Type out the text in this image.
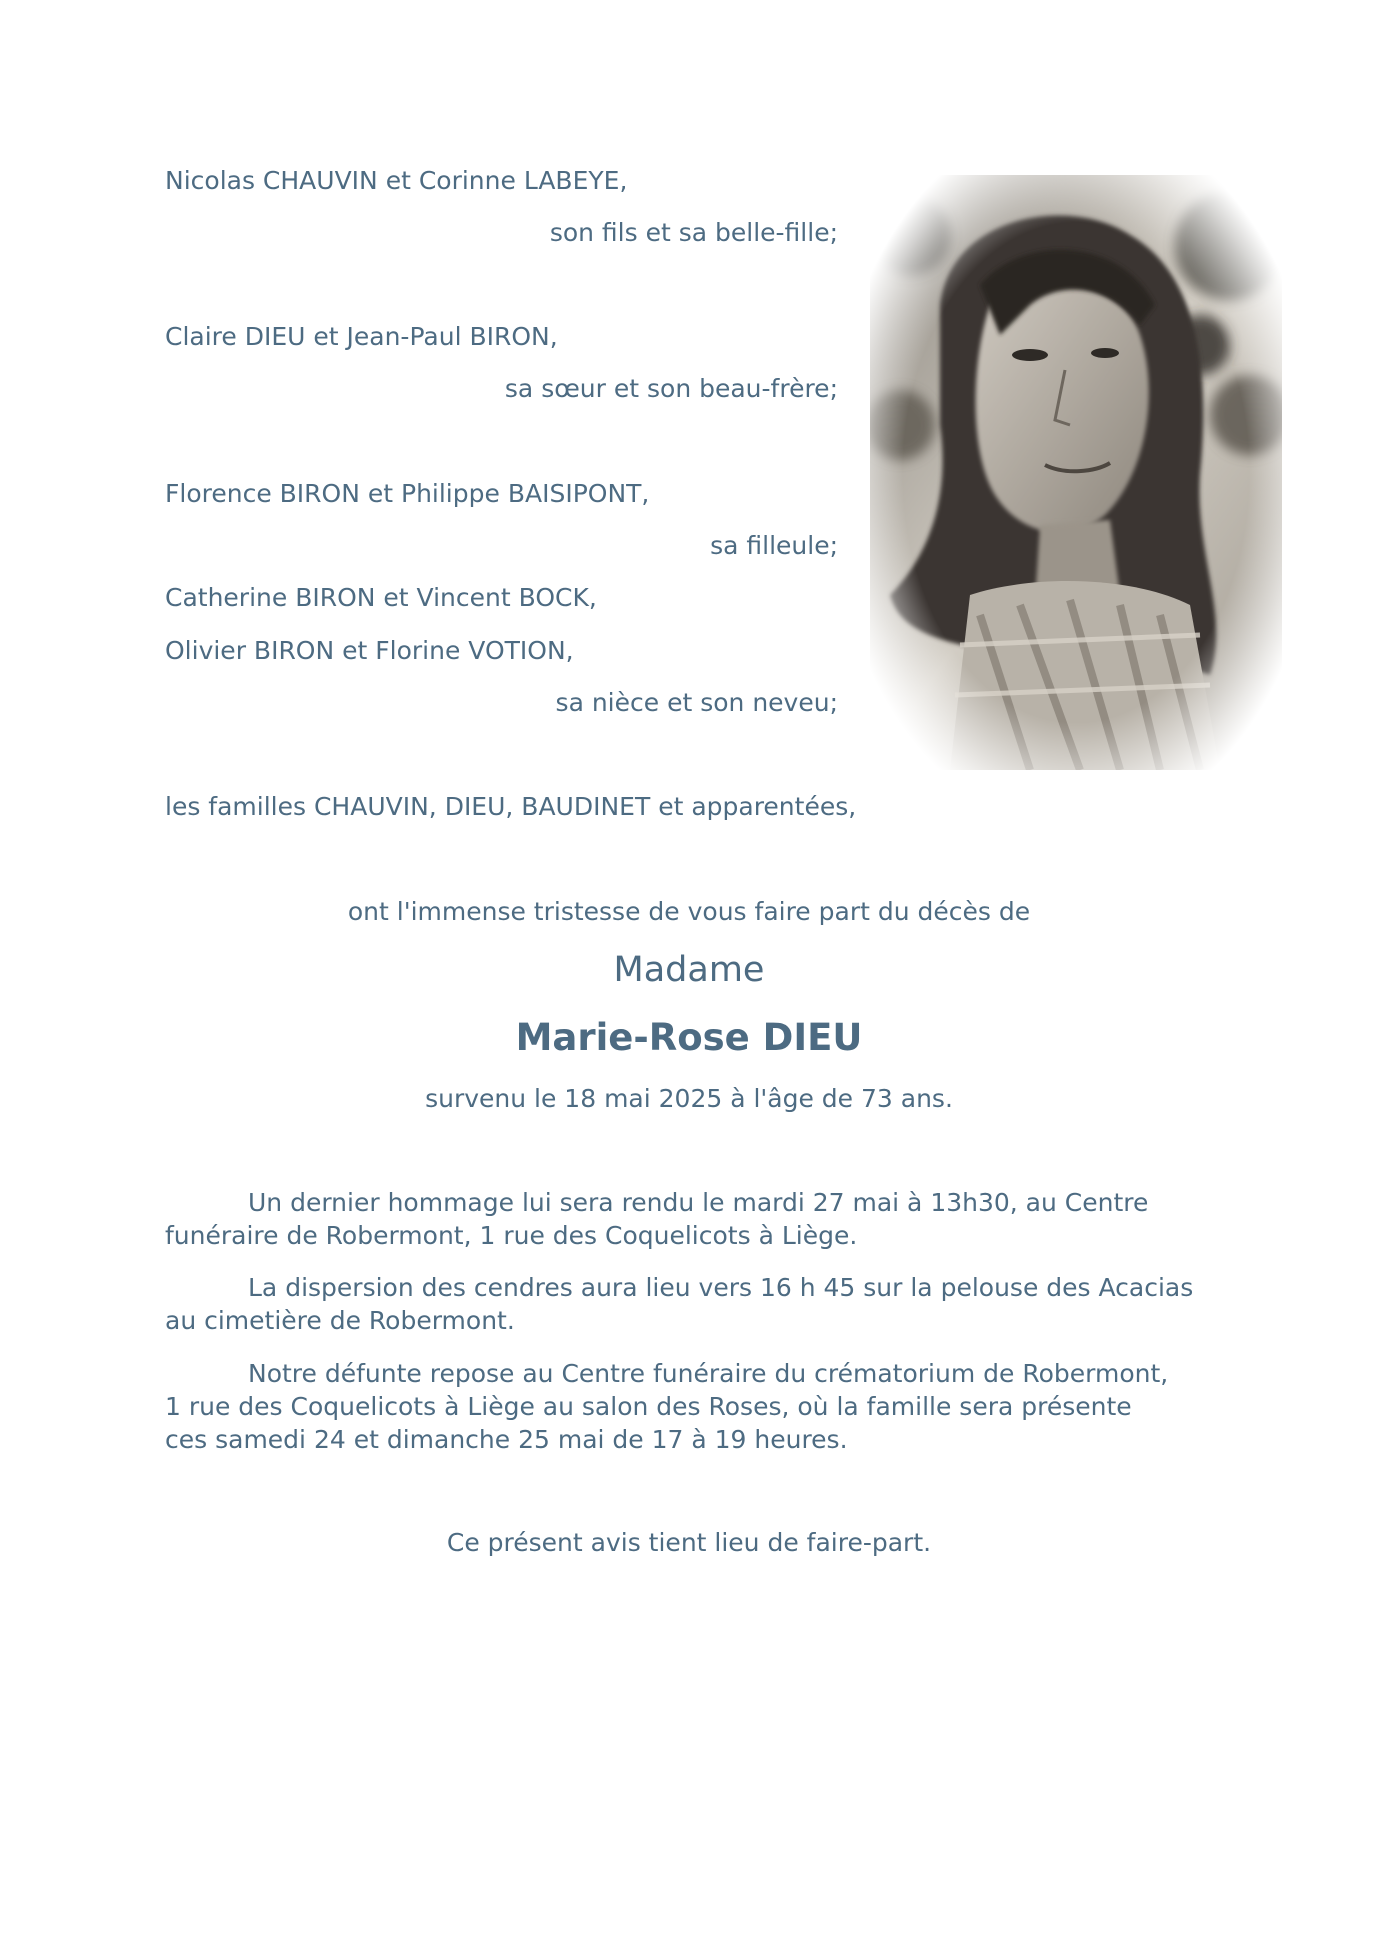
Nicolas CHAUVIN et Corinne LABEYE,
son fils et sa belle-fille;
Claire DIEU et Jean-Paul BIRON,
sa sœur et son beau-frère;
Florence BIRON et Philippe BAISIPONT,
sa filleule;
Catherine BIRON et Vincent BOCK,
Olivier BIRON et Florine VOTION,
sa nièce et son neveu;
les familles CHAUVIN, DIEU, BAUDINET et apparentées,
ont l'immense tristesse de vous faire part du décès de
Madame
Marie-Rose DIEU
survenu le 18 mai 2025 à l'âge de 73 ans.
Un dernier hommage lui sera rendu le mardi 27 mai à 13h30, au Centre
funéraire de Robermont, 1 rue des Coquelicots à Liège.
La dispersion des cendres aura lieu vers 16 h 45 sur la pelouse des Acacias
au cimetière de Robermont.
Notre défunte repose au Centre funéraire du crématorium de Robermont,
1 rue des Coquelicots à Liège au salon des Roses, où la famille sera présente
ces samedi 24 et dimanche 25 mai de 17 à 19 heures.
Ce présent avis tient lieu de faire-part.
